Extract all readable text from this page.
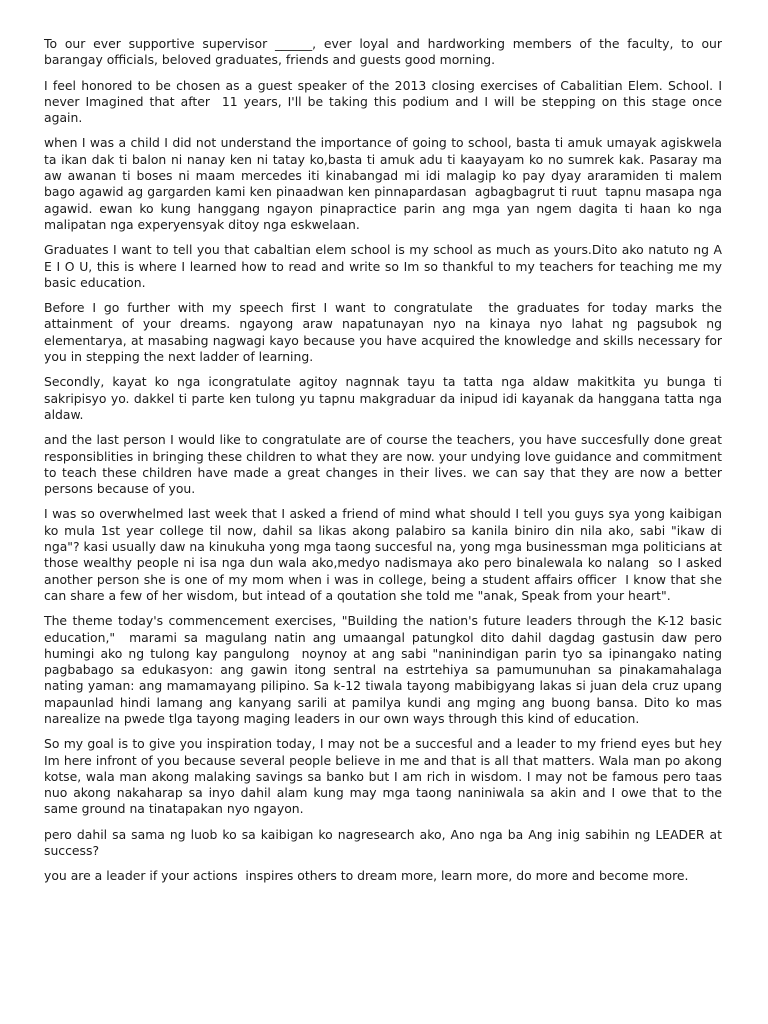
To our ever supportive supervisor ______, ever loyal and hardworking members of the faculty, to our barangay officials, beloved graduates, friends and guests good morning.

I feel honored to be chosen as a guest speaker of the 2013 closing exercises of Cabalitian Elem. School. I never Imagined that after  11 years, I'll be taking this podium and I will be stepping on this stage once again.

when I was a child I did not understand the importance of going to school, basta ti amuk umayak agiskwela ta ikan dak ti balon ni nanay ken ni tatay ko,basta ti amuk adu ti kaayayam ko no sumrek kak. Pasaray ma aw awanan ti boses ni maam mercedes iti kinabangad mi idi malagip ko pay dyay araramiden ti malem bago agawid ag gargarden kami ken pinaadwan ken pinnapardasan  agbagbagrut ti ruut  tapnu masapa nga agawid. ewan ko kung hanggang ngayon pinapractice parin ang mga yan ngem dagita ti haan ko nga malipatan nga experyensyak ditoy nga eskwelaan.

Graduates I want to tell you that cabaltian elem school is my school as much as yours.Dito ako natuto ng A E I O U, this is where I learned how to read and write so Im so thankful to my teachers for teaching me my basic education.

Before I go further with my speech first I want to congratulate  the graduates for today marks the attainment of your dreams. ngayong araw napatunayan nyo na kinaya nyo lahat ng pagsubok ng elementarya, at masabing nagwagi kayo because you have acquired the knowledge and skills necessary for you in stepping the next ladder of learning.

Secondly, kayat ko nga icongratulate agitoy nagnnak tayu ta tatta nga aldaw makitkita yu bunga ti sakripisyo yo. dakkel ti parte ken tulong yu tapnu makgraduar da inipud idi kayanak da hanggana tatta nga aldaw.

and the last person I would like to congratulate are of course the teachers, you have succesfully done great responsiblities in bringing these children to what they are now. your undying love guidance and commitment to teach these children have made a great changes in their lives. we can say that they are now a better persons because of you.

I was so overwhelmed last week that I asked a friend of mind what should I tell you guys sya yong kaibigan ko mula 1st year college til now, dahil sa likas akong palabiro sa kanila biniro din nila ako, sabi "ikaw di nga"? kasi usually daw na kinukuha yong mga taong succesful na, yong mga businessman mga politicians at those wealthy people ni isa nga dun wala ako,medyo nadismaya ako pero binalewala ko nalang  so I asked another person she is one of my mom when i was in college, being a student affairs officer  I know that she can share a few of her wisdom, but intead of a qoutation she told me "anak, Speak from your heart".

The theme today's commencement exercises, "Building the nation's future leaders through the K-12 basic education,"  marami sa magulang natin ang umaangal patungkol dito dahil dagdag gastusin daw pero humingi ako ng tulong kay pangulong  noynoy at ang sabi "naninindigan parin tyo sa ipinangako nating pagbabago sa edukasyon: ang gawin itong sentral na estrtehiya sa pamumunuhan sa pinakamahalaga nating yaman: ang mamamayang pilipino. Sa k-12 tiwala tayong mabibigyang lakas si juan dela cruz upang mapaunlad hindi lamang ang kanyang sarili at pamilya kundi ang mging ang buong bansa. Dito ko mas narealize na pwede tlga tayong maging leaders in our own ways through this kind of education.

So my goal is to give you inspiration today, I may not be a succesful and a leader to my friend eyes but hey Im here infront of you because several people believe in me and that is all that matters. Wala man po akong kotse, wala man akong malaking savings sa banko but I am rich in wisdom. I may not be famous pero taas nuo akong nakaharap sa inyo dahil alam kung may mga taong naniniwala sa akin and I owe that to the same ground na tinatapakan nyo ngayon.

pero dahil sa sama ng luob ko sa kaibigan ko nagresearch ako, Ano nga ba Ang inig sabihin ng LEADER at success?

you are a leader if your actions  inspires others to dream more, learn more, do more and become more.
